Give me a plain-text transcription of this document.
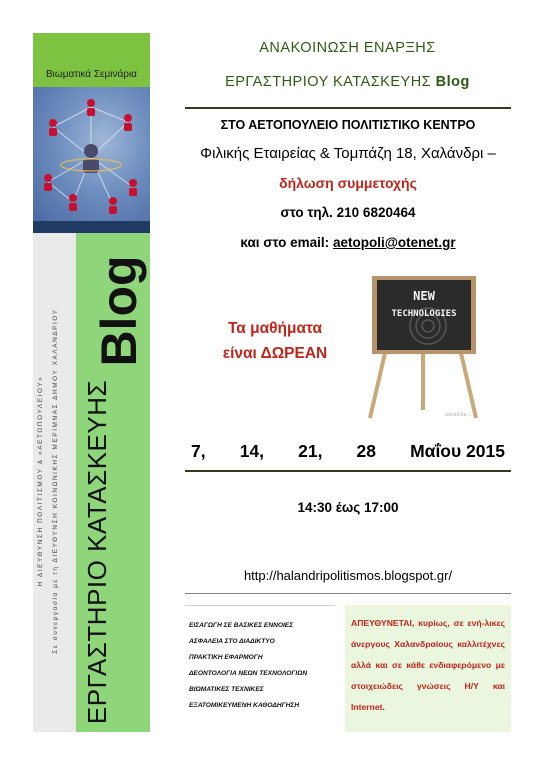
Βιωματικά Σεμινάρια
Η ΔΙΕΥΘΥΝΣΗ ΠΟΛΙΤΙΣΜΟΥ & «ΑΕΤΟΠΟΥΛΕΙΟΥ»	Σε συνεργασία με τη ΔΙΕΥΘΥΝΣΗ ΚΟΙΝΩΝΙΚΗΣ ΜΕΡΙΜΝΑΣ ΔΗΜΟΥ ΧΑΛΑΝΔΡΙΟΥ ΕΡΓΑΣΤΗΡΙΟ ΚΑΤΑΣΚΕΥΗΣ
Blog
ΑΝΑΚΟΙΝΩΣΗ ΕΝΑΡΞΗΣ
ΕΡΓΑΣΤΗΡΙΟΥ ΚΑΤΑΣΚΕΥΗΣ Blog
ΣΤΟ ΑΕΤΟΠΟΥΛΕΙΟ ΠΟΛΙΤΙΣΤΙΚΟ ΚΕΝΤΡΟ
Φιλικής Εταιρείας & Τομπάζη 18, Χαλάνδρι –
δήλωση συμμετοχής
στο τηλ. 210 6820464
και στο email: aetopoli@otenet.gr
Τα μαθήματα
είναι ΔΩΡΕΑΝ
NEW
TECHNOLOGIES
auravilla...
7, 14, 21, 28 Μαΐου 2015
14:30 έως 17:00
http://halandripolitismos.blogspot.gr/
ΕΙΣΑΓΩΓΗ ΣΕ ΒΑΣΙΚΕΣ ΕΝΝΟΙΕΣ
ΑΣΦΑΛΕΙΑ ΣΤΟ ΔΙΑΔΙΚΤΥΟ
ΠΡΑΚΤΙΚΗ ΕΦΑΡΜΟΓΗ
ΔΕΟΝΤΟΛΟΓΙΑ ΝΕΩΝ ΤΕΧΝΟΛΟΓΙΩΝ
ΒΙΩΜΑΤΙΚΕΣ ΤΕΧΝΙΚΕΣ
ΕΞΑΤΟΜΙΚΕΥΜΕΝΗ ΚΑΘΟΔΗΓΗΣΗ

ΑΠΕΥΘΥΝΕΤΑΙ, κυρίως, σε ενή-λικες άνεργους Χαλανδραίους καλλιτέχνες αλλά και σε κάθε ενδιαφερόμενο με στοιχειώδεις γνώσεις Η/Υ και Internet.
